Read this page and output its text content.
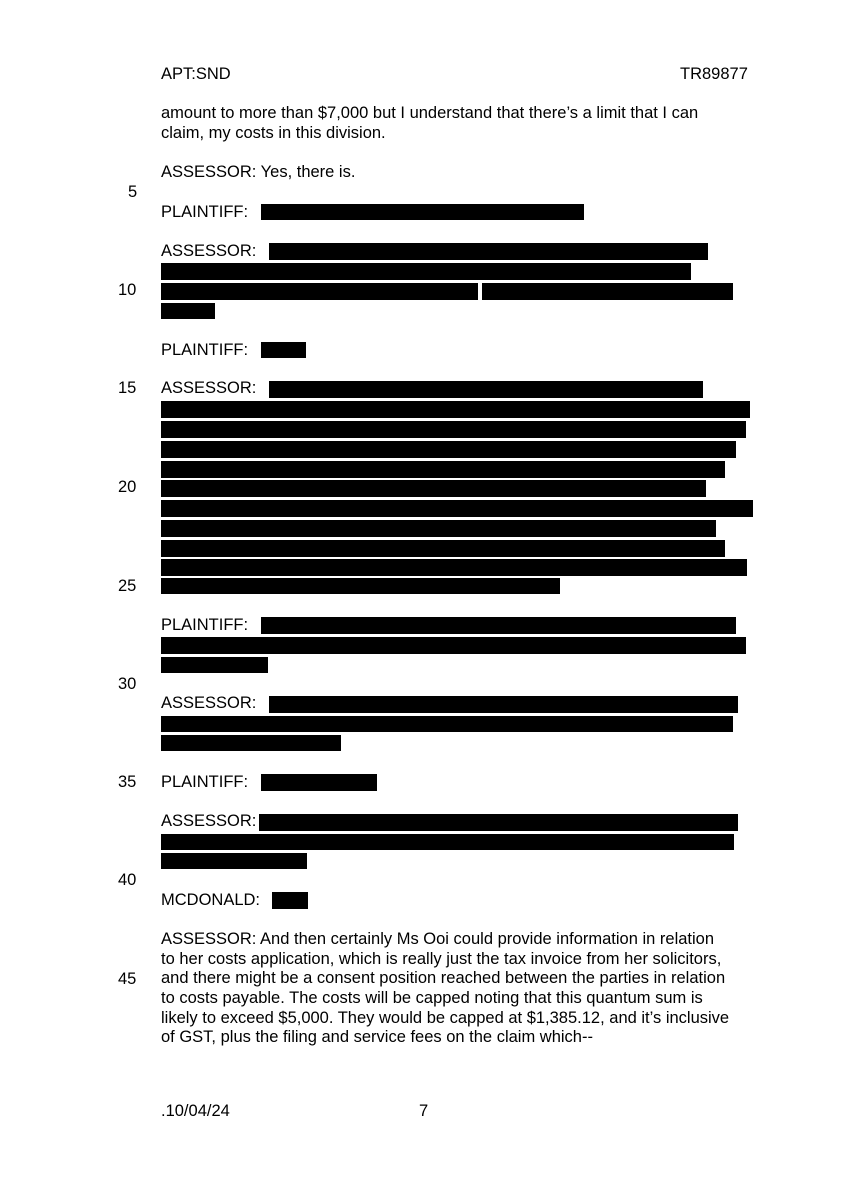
APT:SND	TR89877
5
10
15
20
25
30
35
40
45
amount to more than $7,000 but I understand that there’s a limit that I can
claim, my costs in this division.
ASSESSOR: Yes, there is.
PLAINTIFF:
ASSESSOR:
PLAINTIFF:
ASSESSOR:
PLAINTIFF:
ASSESSOR:
PLAINTIFF:
ASSESSOR:
MCDONALD:
ASSESSOR: And then certainly Ms Ooi could provide information in relation
to her costs application, which is really just the tax invoice from her solicitors,
and there might be a consent position reached between the parties in relation
to costs payable. The costs will be capped noting that this quantum sum is
likely to exceed $5,000. They would be capped at $1,385.12, and it’s inclusive
of GST, plus the filing and service fees on the claim which--
.10/04/24	7
